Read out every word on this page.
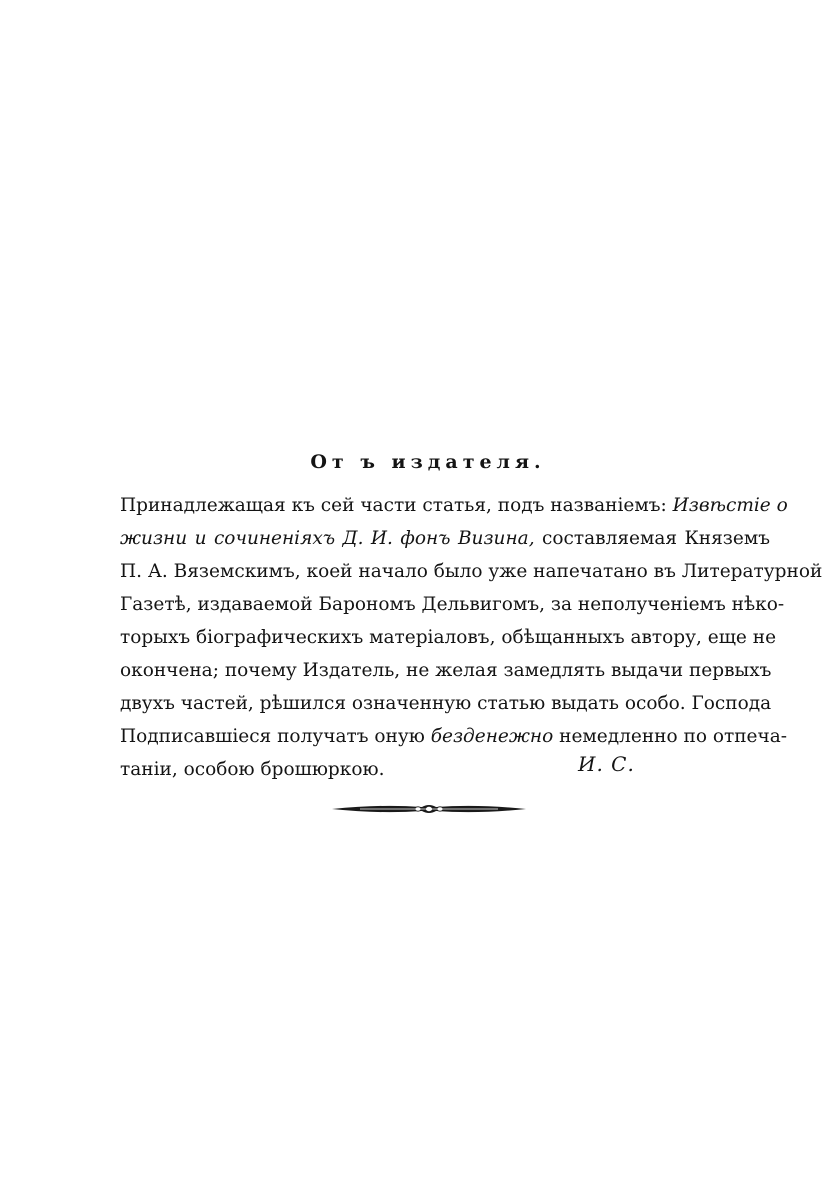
От ъ издателя.
Принадлежащая къ сей части статья, подъ названіемъ: Извѣстіе о
жизни и сочиненіяхъ Д. И. фонъ Визина, составляемая Княземъ
П. А. Вяземскимъ, коей начало было уже напечатано въ Литературной
Газетѣ, издаваемой Барономъ Дельвигомъ, за неполученіемъ нѣко-
торыхъ біографическихъ матеріаловъ, обѣщанныхъ автору, еще не
окончена; почему Издатель, не желая замедлять выдачи первыхъ
двухъ частей, рѣшился означенную статью выдать особо. Господа
Подписавшіеся получатъ оную безденежно немедленно по отпеча-
таніи, особою брошюркою.	И. С.
